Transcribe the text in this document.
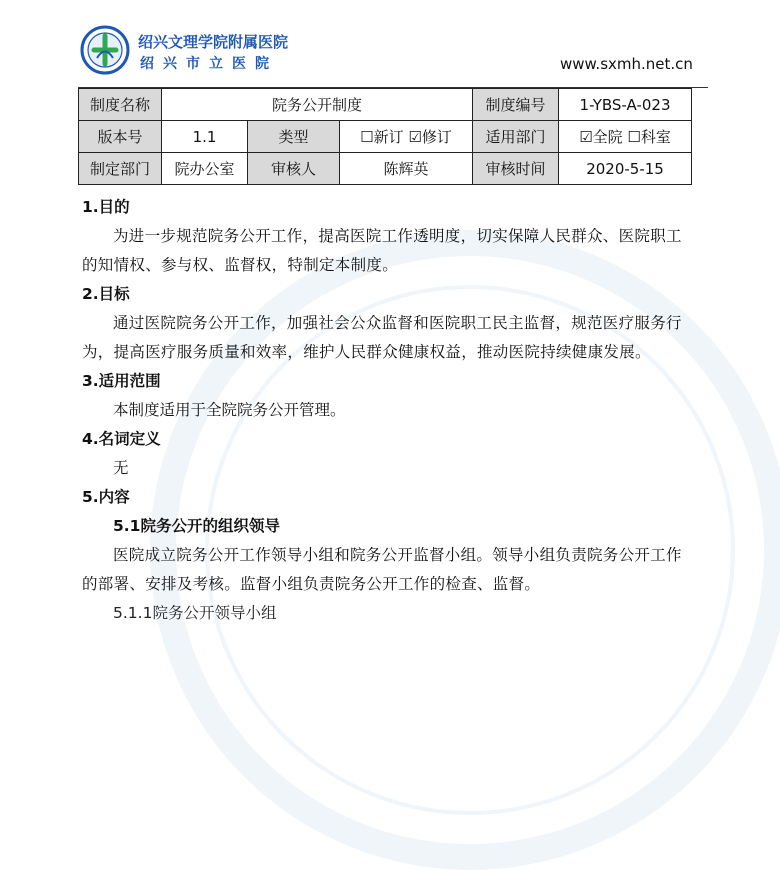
绍兴文理学院附属医院
绍兴市立医院	www.sxmh.net.cn
制度名称	院务公开制度			制度编号	1-YBS-A-023
版本号	1.1	类型	☐新订 ☑修订	适用部门	☑全院 ☐科室
制定部门	院办公室	审核人	陈辉英	审核时间	2020-5-15
1.目的
为进一步规范院务公开工作，提高医院工作透明度，切实保障人民群众、医院职工的知情权、参与权、监督权，特制定本制度。
2.目标
通过医院院务公开工作，加强社会公众监督和医院职工民主监督，规范医疗服务行为，提高医疗服务质量和效率，维护人民群众健康权益，推动医院持续健康发展。
3.适用范围
本制度适用于全院院务公开管理。
4.名词定义
无
5.内容
5.1院务公开的组织领导
医院成立院务公开工作领导小组和院务公开监督小组。领导小组负责院务公开工作的部署、安排及考核。监督小组负责院务公开工作的检查、监督。
5.1.1院务公开领导小组
